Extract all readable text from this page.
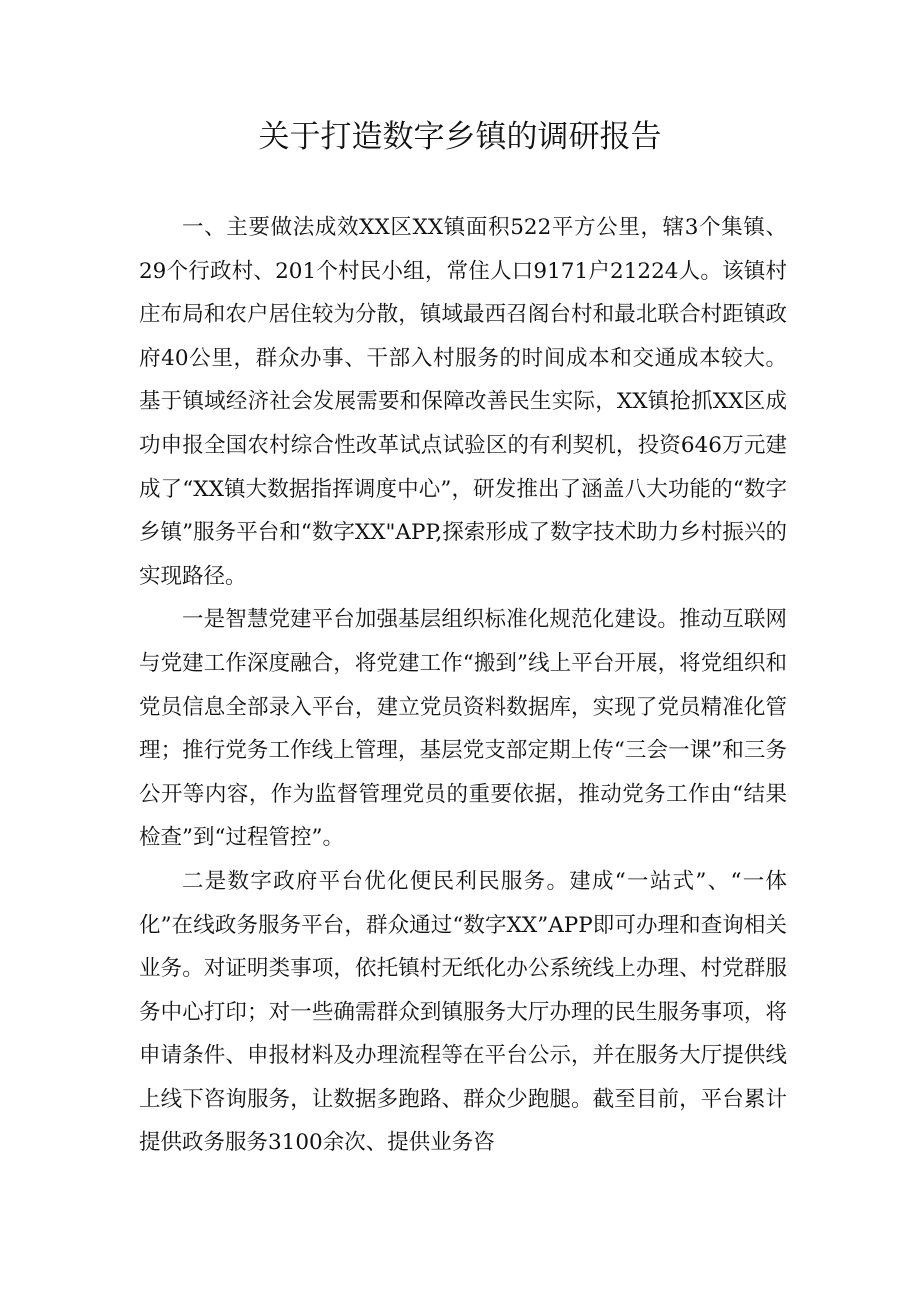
关于打造数字乡镇的调研报告

一、主要做法成效XX区XX镇面积522平方公里，辖3个集镇、29个行政村、201个村民小组，常住人口9171户21224人。该镇村庄布局和农户居住较为分散，镇域最西召阁台村和最北联合村距镇政府40公里，群众办事、干部入村服务的时间成本和交通成本较大。基于镇域经济社会发展需要和保障改善民生实际，XX镇抢抓XX区成功申报全国农村综合性改革试点试验区的有利契机，投资646万元建成了“XX镇大数据指挥调度中心”，研发推出了涵盖八大功能的“数字乡镇”服务平台和“数字XX"APP,探索形成了数字技术助力乡村振兴的实现路径。

一是智慧党建平台加强基层组织标准化规范化建设。推动互联网与党建工作深度融合，将党建工作“搬到”线上平台开展，将党组织和党员信息全部录入平台，建立党员资料数据库，实现了党员精准化管理；推行党务工作线上管理，基层党支部定期上传“三会一课”和三务公开等内容，作为监督管理党员的重要依据，推动党务工作由“结果检查”到“过程管控”。

二是数字政府平台优化便民利民服务。建成“一站式”、“一体化”在线政务服务平台，群众通过“数字XX”APP即可办理和查询相关业务。对证明类事项，依托镇村无纸化办公系统线上办理、村党群服务中心打印；对一些确需群众到镇服务大厅办理的民生服务事项，将申请条件、申报材料及办理流程等在平台公示，并在服务大厅提供线上线下咨询服务，让数据多跑路、群众少跑腿。截至目前，平台累计提供政务服务3100余次、提供业务咨
